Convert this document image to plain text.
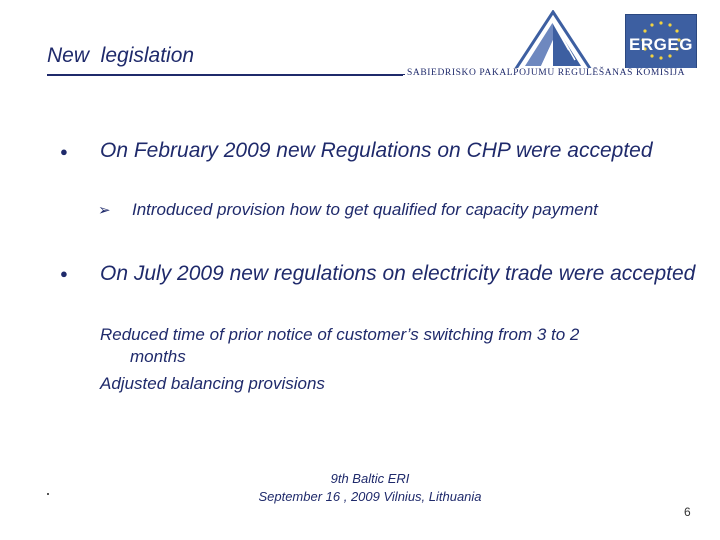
New  legislation	ERGEG
SABIEDRISKO PAKALPOJUMU REGULĒŠANAS KOMISIJA
● On February 2009 new Regulations on CHP were accepted
➢ Introduced provision how to get qualified for capacity payment
● On July 2009 new regulations on electricity trade were accepted
Reduced time of prior notice of customer’s switching from 3 to 2
months
Adjusted balancing provisions
9th Baltic ERI
September 16 , 2009 Vilnius, Lithuania
6
